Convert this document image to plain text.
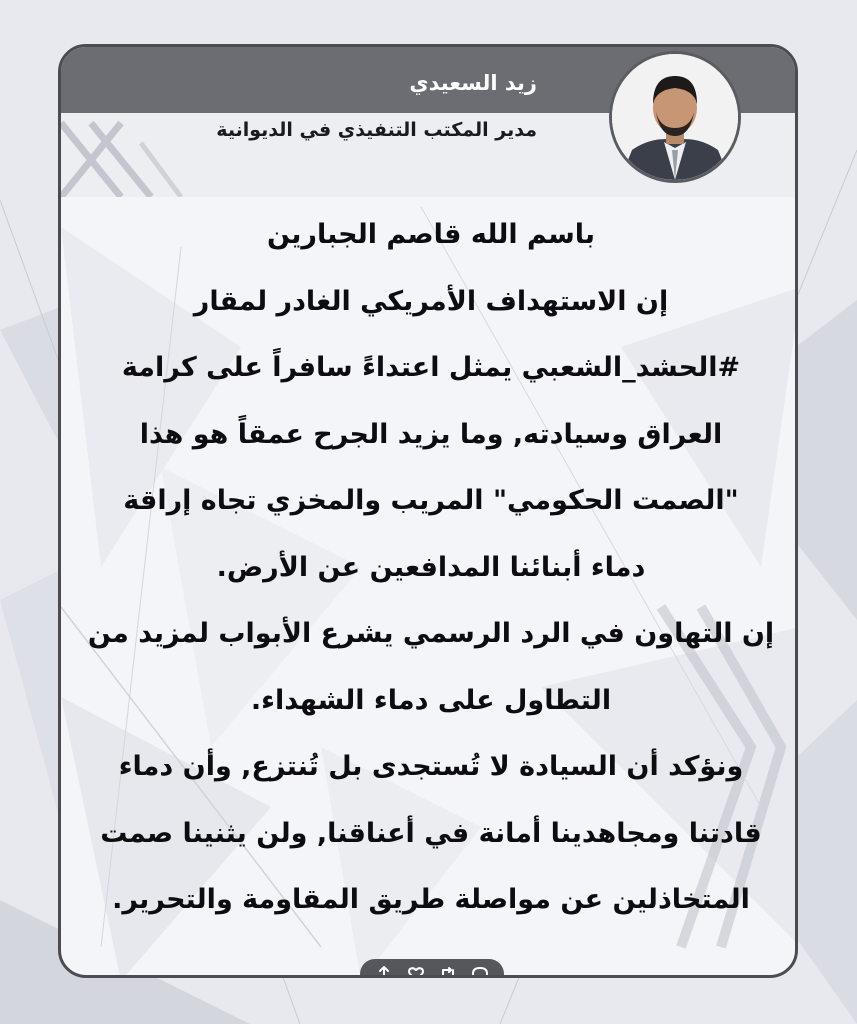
زيد السعيدي

مدير المكتب التنفيذي في الديوانية

باسم الله قاصم الجبارين
إن الاستهداف الأمريكي الغادر لمقار
#الحشد_الشعبي يمثل اعتداءً سافراً على كرامة
العراق وسيادته, وما يزيد الجرح عمقاً هو هذا
"الصمت الحكومي" المريب والمخزي تجاه إراقة
دماء أبنائنا المدافعين عن الأرض.
إن التهاون في الرد الرسمي يشرع الأبواب لمزيد من
التطاول على دماء الشهداء.
ونؤكد أن السيادة لا تُستجدى بل تُنتزع, وأن دماء
قادتنا ومجاهدينا أمانة في أعناقنا, ولن يثنينا صمت
المتخاذلين عن مواصلة طريق المقاومة والتحرير.
